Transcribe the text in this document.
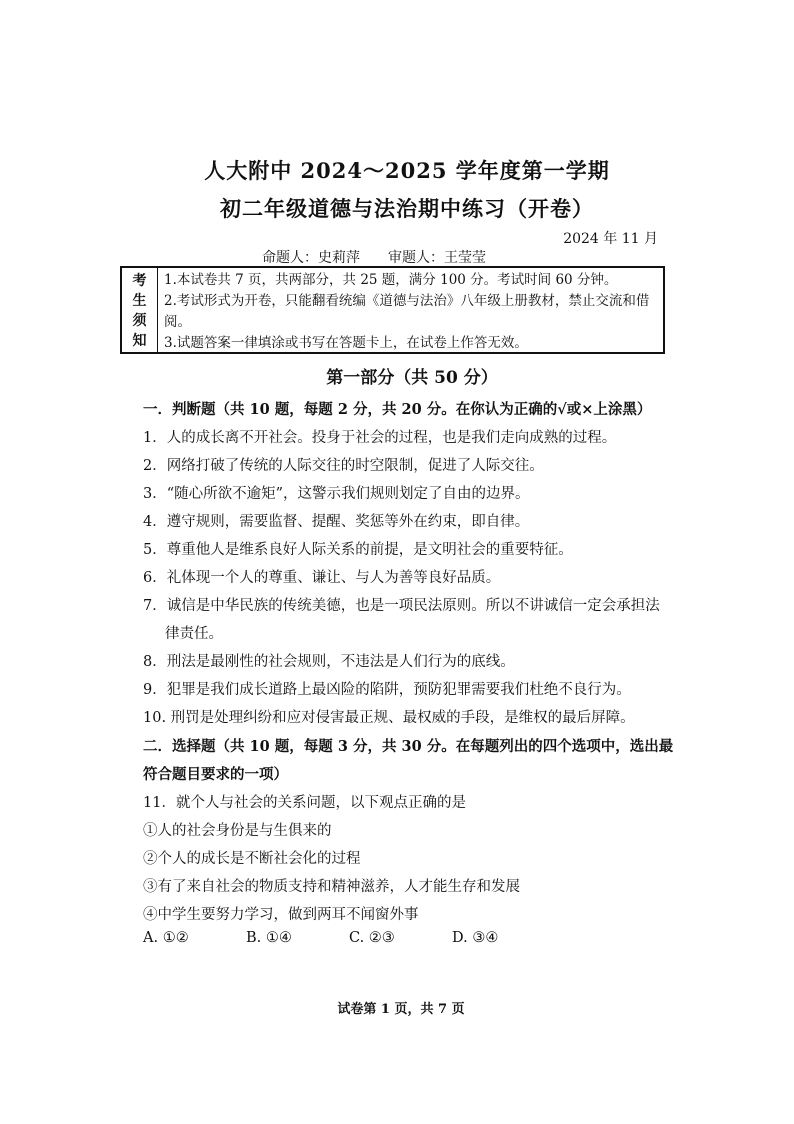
人大附中 2024～2025 学年度第一学期
初二年级道德与法治期中练习（开卷）
2024 年 11 月
命题人：史莉萍 审题人：王莹莹
考
生
须
知
1.本试卷共 7 页，共两部分，共 25 题，满分 100 分。考试时间 60 分钟。
2.考试形式为开卷，只能翻看统编《道德与法治》八年级上册教材，禁止交流和借阅。
3.试题答案一律填涂或书写在答题卡上，在试卷上作答无效。
第一部分（共 50 分）
一．判断题（共 10 题，每题 2 分，共 20 分。在你认为正确的√或×上涂黑）
1．人的成长离不开社会。投身于社会的过程，也是我们走向成熟的过程。
2．网络打破了传统的人际交往的时空限制，促进了人际交往。
3．“随心所欲不逾矩”，这警示我们规则划定了自由的边界。
4．遵守规则，需要监督、提醒、奖惩等外在约束，即自律。
5．尊重他人是维系良好人际关系的前提，是文明社会的重要特征。
6．礼体现一个人的尊重、谦让、与人为善等良好品质。
7．诚信是中华民族的传统美德，也是一项民法原则。所以不讲诚信一定会承担法
律责任。
8．刑法是最刚性的社会规则，不违法是人们行为的底线。
9．犯罪是我们成长道路上最凶险的陷阱，预防犯罪需要我们杜绝不良行为。
10. 刑罚是处理纠纷和应对侵害最正规、最权威的手段，是维权的最后屏障。
二．选择题（共 10 题，每题 3 分，共 30 分。在每题列出的四个选项中，选出最
符合题目要求的一项）
11．就个人与社会的关系问题，以下观点正确的是
①人的社会身份是与生俱来的
②个人的成长是不断社会化的过程
③有了来自社会的物质支持和精神滋养，人才能生存和发展
④中学生要努力学习，做到两耳不闻窗外事
A. ①②	B. ①④	C. ②③	D. ③④
试卷第 1 页，共 7 页
